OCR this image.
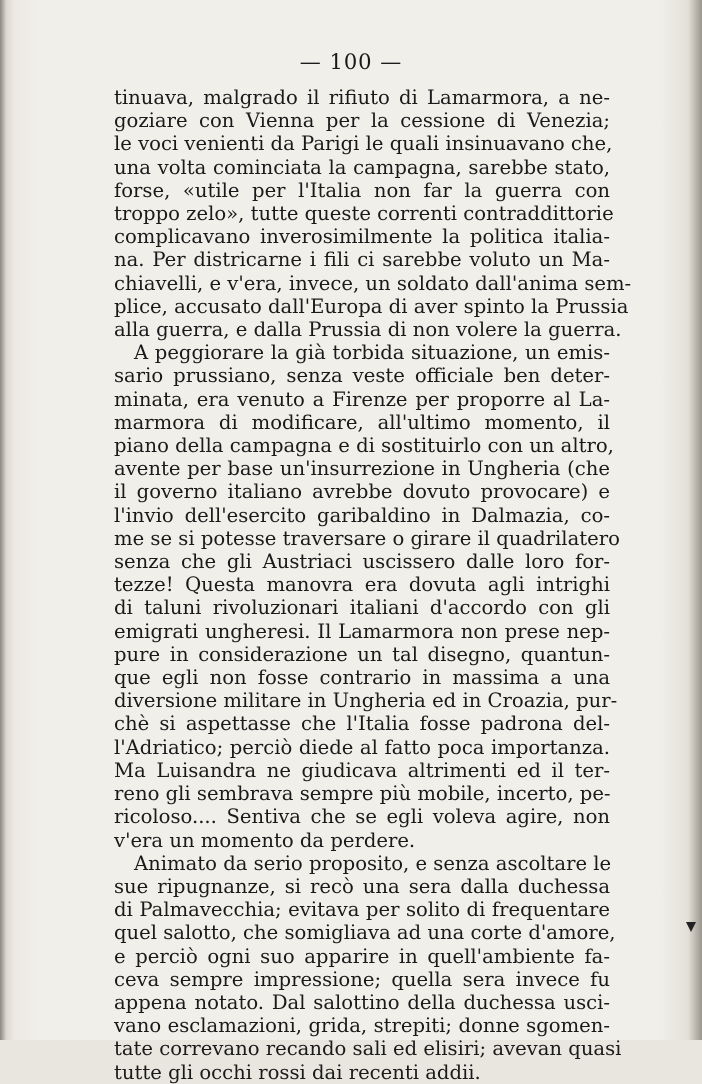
— 100 —
tinuava, malgrado il rifiuto di Lamarmora, a ne-
goziare con Vienna per la cessione di Venezia;
le voci venienti da Parigi le quali insinuavano che,
una volta cominciata la campagna, sarebbe stato,
forse, «utile per l'Italia non far la guerra con
troppo zelo», tutte queste correnti contraddittorie
complicavano inverosimilmente la politica italia-
na. Per districarne i fili ci sarebbe voluto un Ma-
chiavelli, e v'era, invece, un soldato dall'anima sem-
plice, accusato dall'Europa di aver spinto la Prussia
alla guerra, e dalla Prussia di non volere la guerra.
A peggiorare la già torbida situazione, un emis-
sario prussiano, senza veste officiale ben deter-
minata, era venuto a Firenze per proporre al La-
marmora di modificare, all'ultimo momento, il
piano della campagna e di sostituirlo con un altro,
avente per base un'insurrezione in Ungheria (che
il governo italiano avrebbe dovuto provocare) e
l'invio dell'esercito garibaldino in Dalmazia, co-
me se si potesse traversare o girare il quadrilatero
senza che gli Austriaci uscissero dalle loro for-
tezze! Questa manovra era dovuta agli intrighi
di taluni rivoluzionari italiani d'accordo con gli
emigrati ungheresi. Il Lamarmora non prese nep-
pure in considerazione un tal disegno, quantun-
que egli non fosse contrario in massima a una
diversione militare in Ungheria ed in Croazia, pur-
chè si aspettasse che l'Italia fosse padrona del-
l'Adriatico; perciò diede al fatto poca importanza.
Ma Luisandra ne giudicava altrimenti ed il ter-
reno gli sembrava sempre più mobile, incerto, pe-
ricoloso.... Sentiva che se egli voleva agire, non
v'era un momento da perdere.
Animato da serio proposito, e senza ascoltare le
sue ripugnanze, si recò una sera dalla duchessa
di Palmavecchia; evitava per solito di frequentare
quel salotto, che somigliava ad una corte d'amore,
e perciò ogni suo apparire in quell'ambiente fa-
ceva sempre impressione; quella sera invece fu
appena notato. Dal salottino della duchessa usci-
vano esclamazioni, grida, strepiti; donne sgomen-
tate correvano recando sali ed elisiri; avevan quasi
tutte gli occhi rossi dai recenti addii.
